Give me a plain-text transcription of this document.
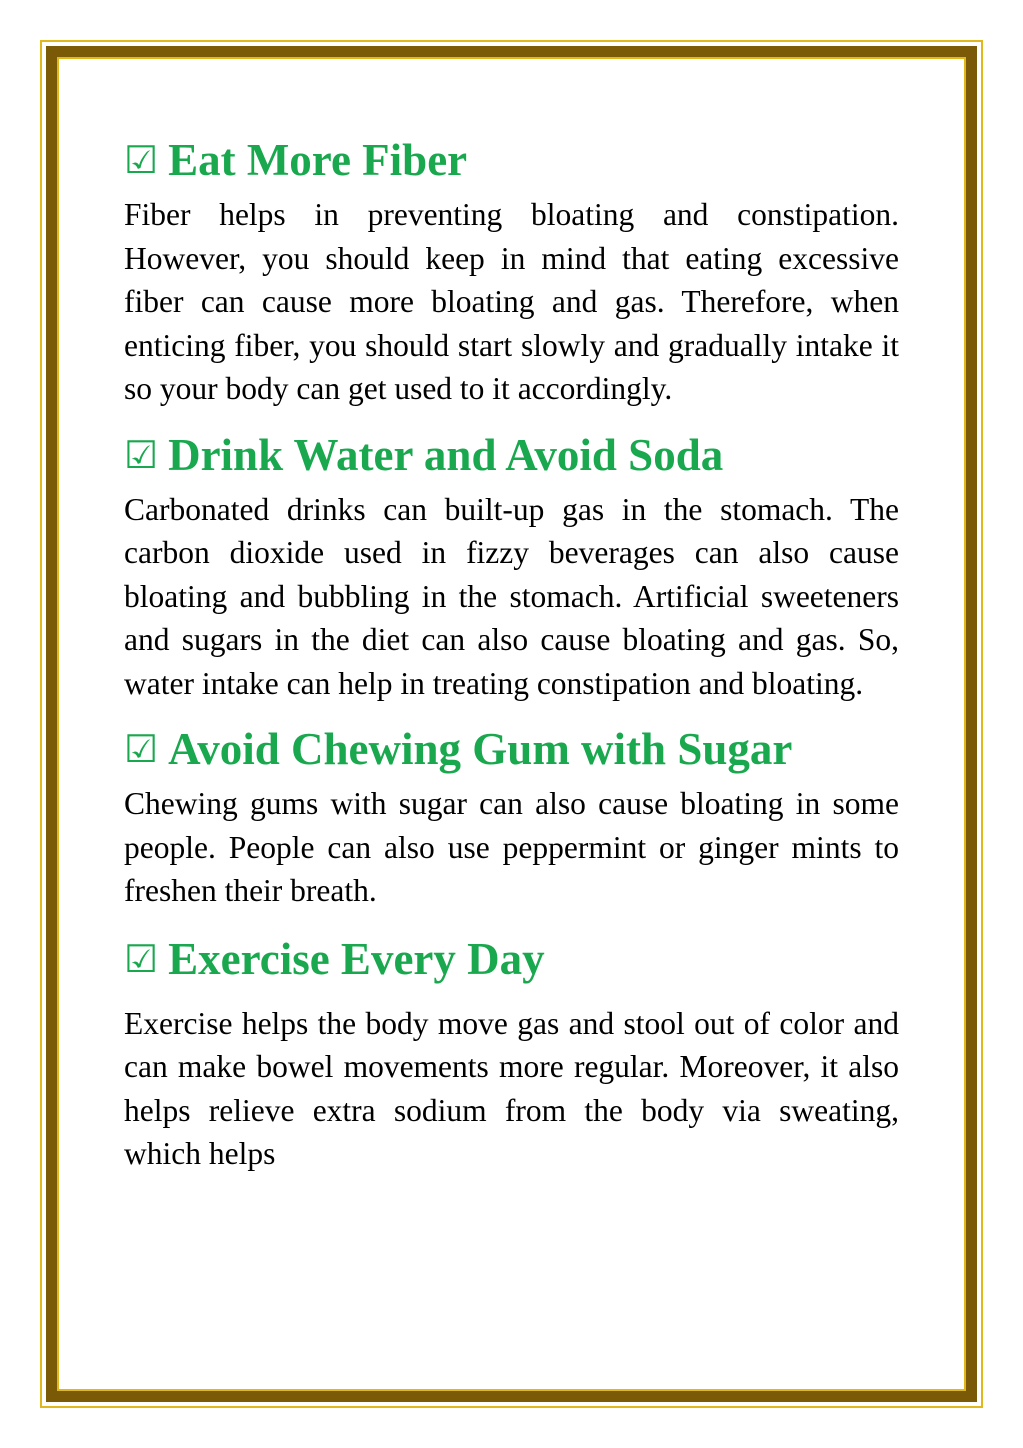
☑ Eat More Fiber

Fiber helps in preventing bloating and constipation. However, you should keep in mind that eating excessive fiber can cause more bloating and gas. Therefore, when enticing fiber, you should start slowly and gradually intake it so your body can get used to it accordingly.

☑ Drink Water and Avoid Soda

Carbonated drinks can built-up gas in the stomach. The carbon dioxide used in fizzy beverages can also cause bloating and bubbling in the stomach. Artificial sweeteners and sugars in the diet can also cause bloating and gas. So, water intake can help in treating constipation and bloating.

☑ Avoid Chewing Gum with Sugar

Chewing gums with sugar can also cause bloating in some people. People can also use peppermint or ginger mints to freshen their breath.

☑ Exercise Every Day

Exercise helps the body move gas and stool out of color and can make bowel movements more regular. Moreover, it also helps relieve extra sodium from the body via sweating, which helps
